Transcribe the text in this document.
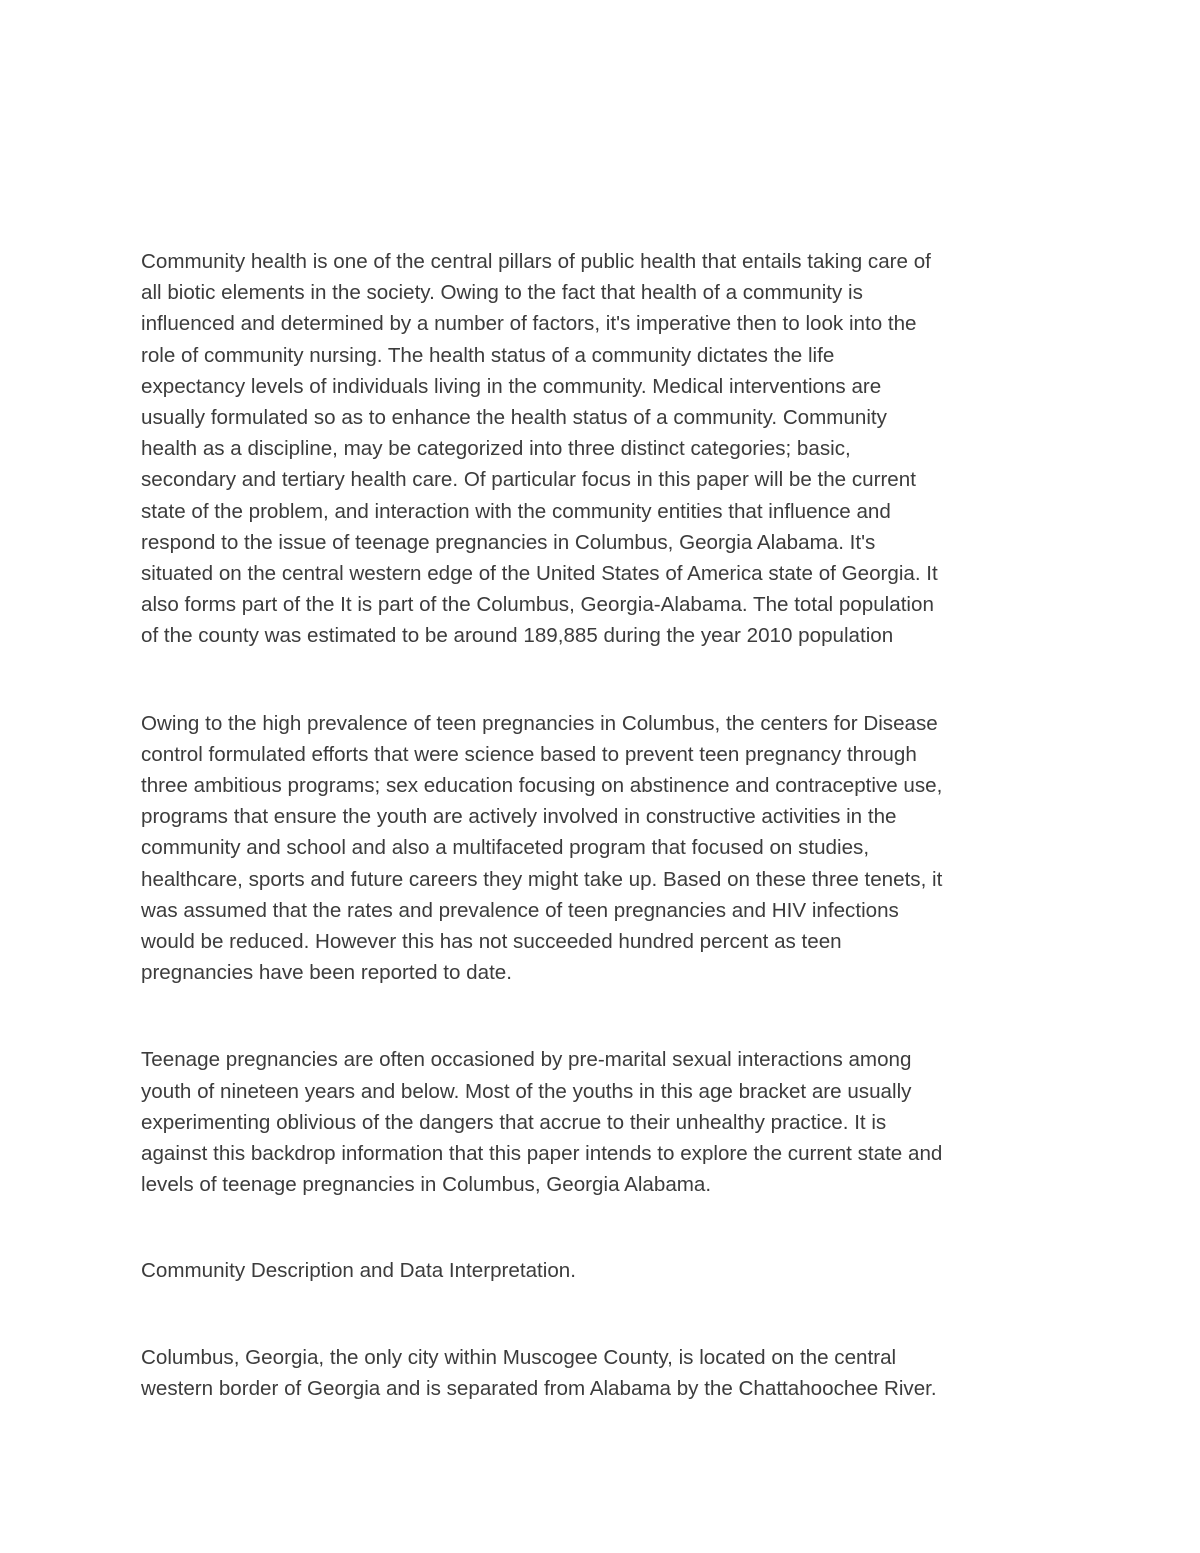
Community health is one of the central pillars of public health that entails taking care of
all biotic elements in the society. Owing to the fact that health of a community is
influenced and determined by a number of factors, it's imperative then to look into the
role of community nursing. The health status of a community dictates the life
expectancy levels of individuals living in the community. Medical interventions are
usually formulated so as to enhance the health status of a community. Community
health as a discipline, may be categorized into three distinct categories; basic,
secondary and tertiary health care. Of particular focus in this paper will be the current
state of the problem, and interaction with the community entities that influence and
respond to the issue of teenage pregnancies in Columbus, Georgia Alabama. It's
situated on the central western edge of the United States of America state of Georgia. It
also forms part of the It is part of the Columbus, Georgia-Alabama. The total population
of the county was estimated to be around 189,885 during the year 2010 population

Owing to the high prevalence of teen pregnancies in Columbus, the centers for Disease
control formulated efforts that were science based to prevent teen pregnancy through
three ambitious programs; sex education focusing on abstinence and contraceptive use,
programs that ensure the youth are actively involved in constructive activities in the
community and school and also a multifaceted program that focused on studies,
healthcare, sports and future careers they might take up. Based on these three tenets, it
was assumed that the rates and prevalence of teen pregnancies and HIV infections
would be reduced. However this has not succeeded hundred percent as teen
pregnancies have been reported to date.

Teenage pregnancies are often occasioned by pre-marital sexual interactions among
youth of nineteen years and below. Most of the youths in this age bracket are usually
experimenting oblivious of the dangers that accrue to their unhealthy practice. It is
against this backdrop information that this paper intends to explore the current state and
levels of teenage pregnancies in Columbus, Georgia Alabama.

Community Description and Data Interpretation.

Columbus, Georgia, the only city within Muscogee County, is located on the central
western border of Georgia and is separated from Alabama by the Chattahoochee River.
